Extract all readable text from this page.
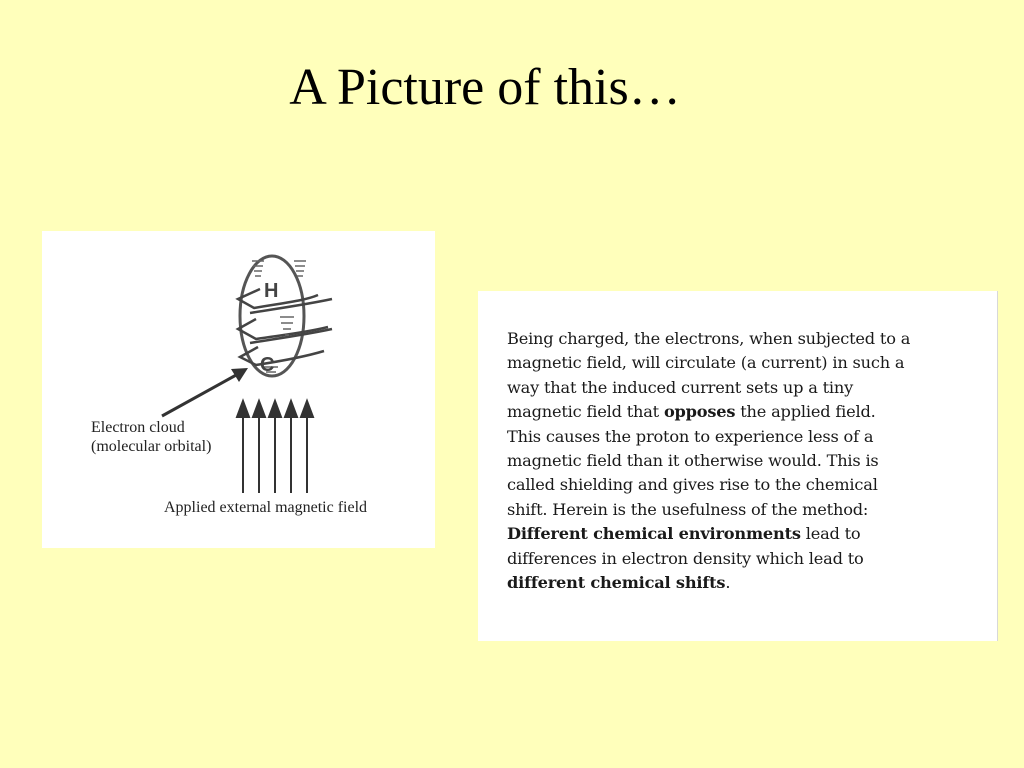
A Picture of this…
H
C
Electron cloud
(molecular orbital)
Applied external magnetic field
Being charged, the electrons, when subjected to a
magnetic field, will circulate (a current) in such a
way that the induced current sets up a tiny
magnetic field that opposes the applied field.
This causes the proton to experience less of a
magnetic field than it otherwise would. This is
called shielding and gives rise to the chemical
shift. Herein is the usefulness of the method:
Different chemical environments lead to
differences in electron density which lead to
different chemical shifts.
